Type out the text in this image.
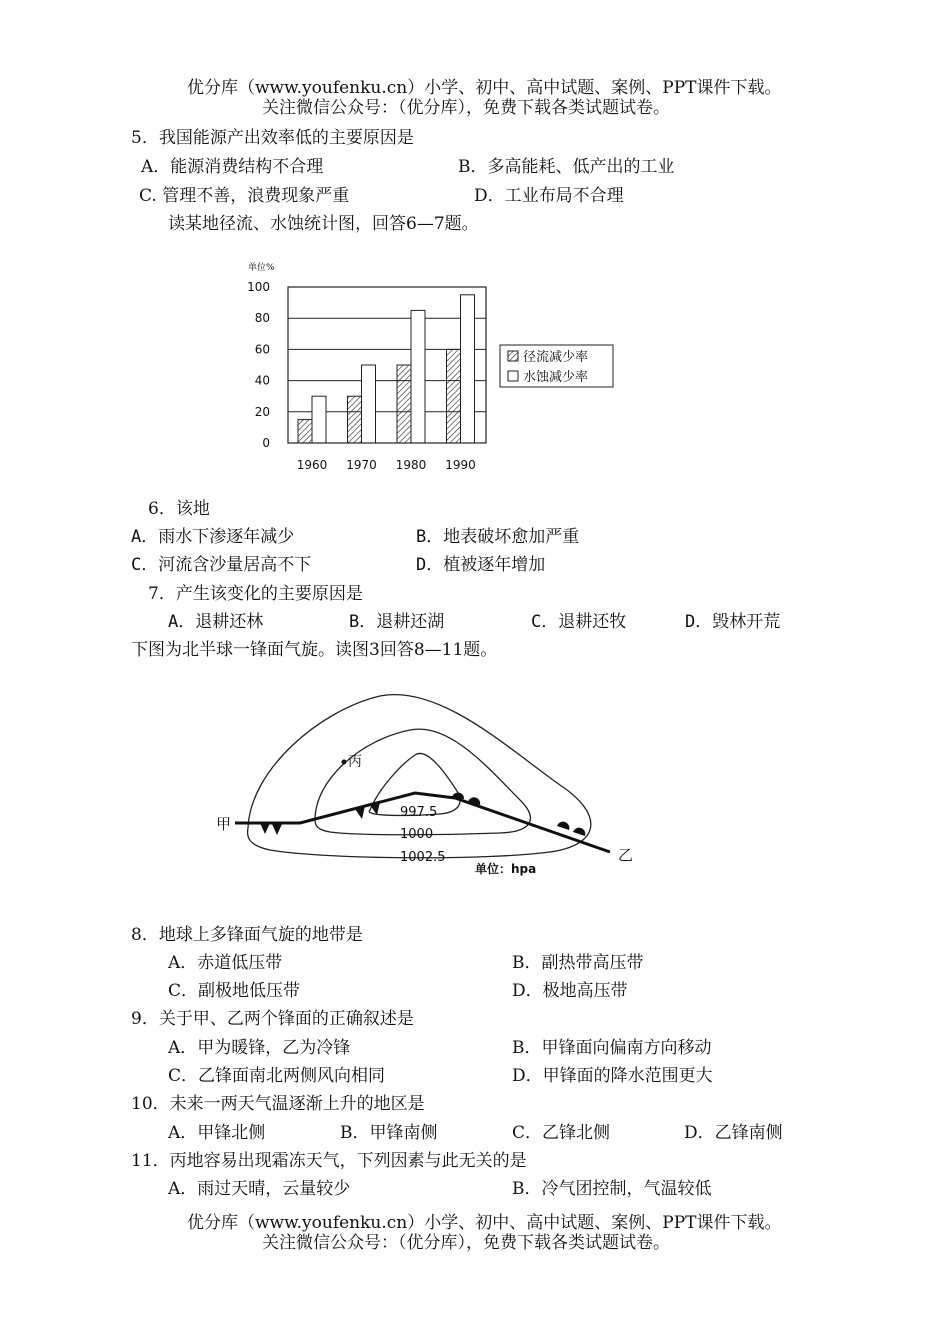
优分库（www.youfenku.cn）小学、初中、高中试题、案例、PPT课件下载。
关注微信公众号：（优分库），免费下载各类试题试卷。
5．我国能源产出效率低的主要原因是
A．能源消费结构不合理	B．多高能耗、低产出的工业
C. 管理不善，浪费现象严重	D．工业布局不合理
读某地径流、水蚀统计图，回答6—7题。
单位%
100
80
60
40
20
0
1960 1970 1980 1990
径流减少率
水蚀减少率
6．该地
A．雨水下渗逐年减少	B．地表破坏愈加严重
C．河流含沙量居高不下	D．植被逐年增加
7．产生该变化的主要原因是
A．退耕还林	B．退耕还湖	C．退耕还牧	D．毁林开荒
下图为北半球一锋面气旋。读图3回答8—11题。
丙
甲
乙
997.5
1000
1002.5
单位：hpa
8．地球上多锋面气旋的地带是
A．赤道低压带	B．副热带高压带
C．副极地低压带	D．极地高压带
9．关于甲、乙两个锋面的正确叙述是
A．甲为暖锋，乙为冷锋	B．甲锋面向偏南方向移动
C．乙锋面南北两侧风向相同	D．甲锋面的降水范围更大
10．未来一两天气温逐渐上升的地区是
A．甲锋北侧	B．甲锋南侧	C．乙锋北侧	D．乙锋南侧
11．丙地容易出现霜冻天气，下列因素与此无关的是
A．雨过天晴，云量较少	B．冷气团控制，气温较低
优分库（www.youfenku.cn）小学、初中、高中试题、案例、PPT课件下载。
关注微信公众号：（优分库），免费下载各类试题试卷。
